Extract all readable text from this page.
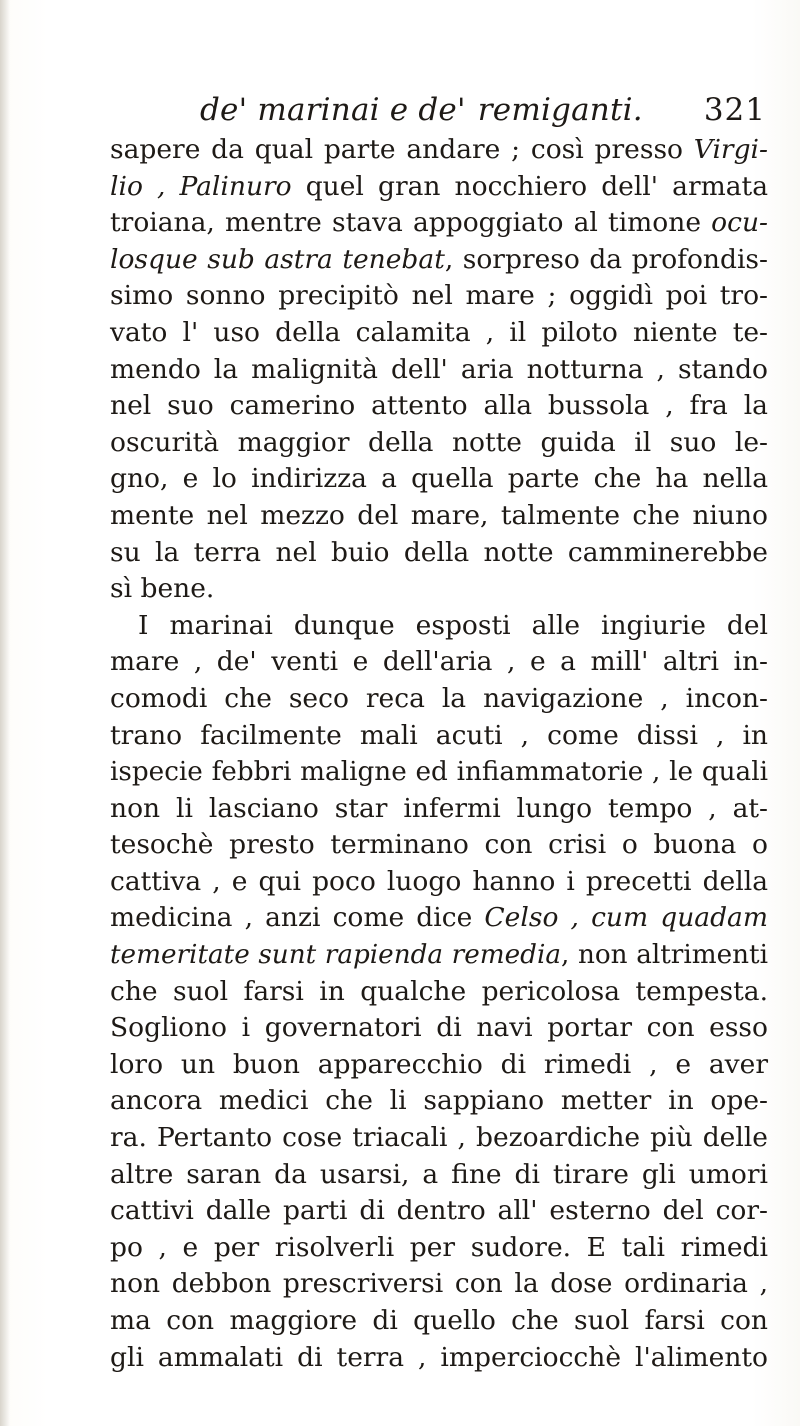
de' marinai e de' remiganti. 321
sapere da qual parte andare ; così presso Virgi-
lio , Palinuro quel gran nocchiero dell' armata
troiana, mentre stava appoggiato al timone ocu-
losque sub astra tenebat, sorpreso da profondis-
simo sonno precipitò nel mare ; oggidì poi tro-
vato l' uso della calamita , il piloto niente te-
mendo la malignità dell' aria notturna , stando
nel suo camerino attento alla bussola , fra la
oscurità maggior della notte guida il suo le-
gno, e lo indirizza a quella parte che ha nella
mente nel mezzo del mare, talmente che niuno
su la terra nel buio della notte camminerebbe
sì bene.
I marinai dunque esposti alle ingiurie del
mare , de' venti e dell'aria , e a mill' altri in-
comodi che seco reca la navigazione , incon-
trano facilmente mali acuti , come dissi , in
ispecie febbri maligne ed infiammatorie , le quali
non li lasciano star infermi lungo tempo , at-
tesochè presto terminano con crisi o buona o
cattiva , e qui poco luogo hanno i precetti della
medicina , anzi come dice Celso , cum quadam
temeritate sunt rapienda remedia, non altrimenti
che suol farsi in qualche pericolosa tempesta.
Sogliono i governatori di navi portar con esso
loro un buon apparecchio di rimedi , e aver
ancora medici che li sappiano metter in ope-
ra. Pertanto cose triacali , bezoardiche più delle
altre saran da usarsi, a fine di tirare gli umori
cattivi dalle parti di dentro all' esterno del cor-
po , e per risolverli per sudore. E tali rimedi
non debbon prescriversi con la dose ordinaria ,
ma con maggiore di quello che suol farsi con
gli ammalati di terra , imperciocchè l'alimento
